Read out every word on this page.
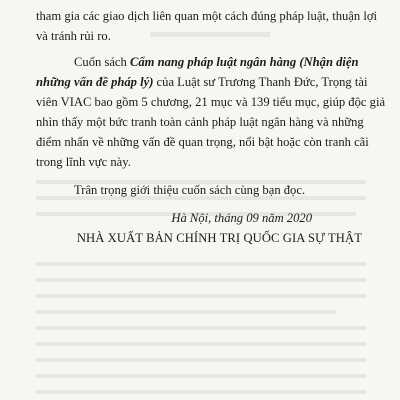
tham gia các giao dịch liên quan một cách đúng pháp luật, thuận lợi
và tránh rủi ro.
Cuốn sách Cẩm nang pháp luật ngân hàng (Nhận diện
những vấn đề pháp lý) của Luật sư Trương Thanh Đức, Trọng tài
viên VIAC bao gồm 5 chương, 21 mục và 139 tiểu mục, giúp độc giả
nhìn thấy một bức tranh toàn cảnh pháp luật ngân hàng và những
điểm nhấn về những vấn đề quan trọng, nổi bật hoặc còn tranh cãi
trong lĩnh vực này.
Trân trọng giới thiệu cuốn sách cùng bạn đọc.
Hà Nội, tháng 09 năm 2020
NHÀ XUẤT BẢN CHÍNH TRỊ QUỐC GIA SỰ THẬT
